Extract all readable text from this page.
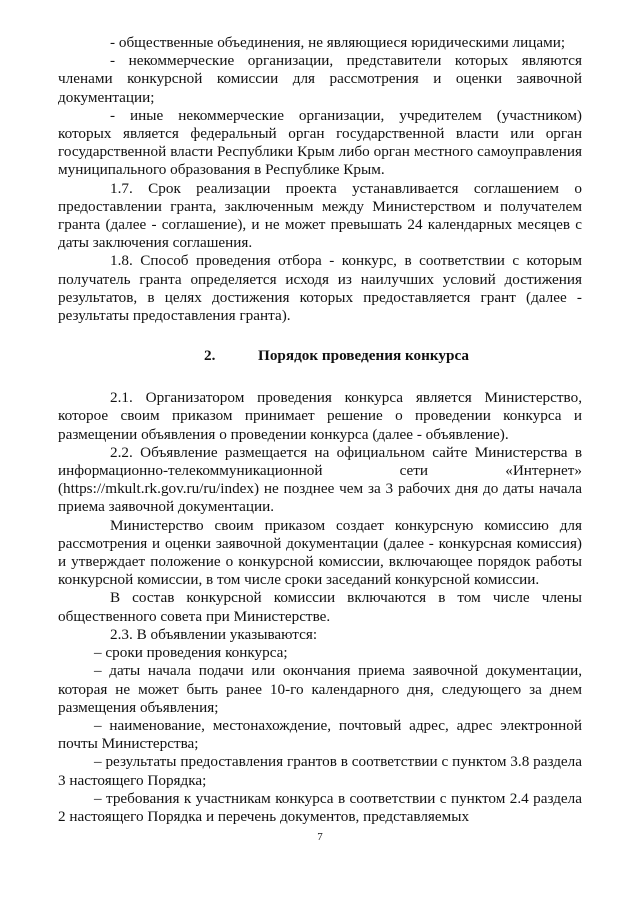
- общественные объединения, не являющиеся юридическими лицами;

- некоммерческие организации, представители которых являются членами конкурсной комиссии для рассмотрения и оценки заявочной документации;

- иные некоммерческие организации, учредителем (участником) которых является федеральный орган государственной власти или орган государственной власти Республики Крым либо орган местного самоуправления муниципального образования в Республике Крым.

1.7. Срок реализации проекта устанавливается соглашением о предоставлении гранта, заключенным между Министерством и получателем гранта (далее - соглашение), и не может превышать 24 календарных месяцев с даты заключения соглашения.

1.8. Способ проведения отбора - конкурс, в соответствии с которым получатель гранта определяется исходя из наилучших условий достижения результатов, в целях достижения которых предоставляется грант (далее - результаты предоставления гранта).

2.	Порядок проведения конкурса

2.1. Организатором проведения конкурса является Министерство, которое своим приказом принимает решение о проведении конкурса и размещении объявления о проведении конкурса (далее - объявление).

2.2. Объявление размещается на официальном сайте Министерства в информационно-телекоммуникационной сети «Интернет» (https://mkult.rk.gov.ru/ru/index) не позднее чем за 3 рабочих дня до даты начала приема заявочной документации.

Министерство своим приказом создает конкурсную комиссию для рассмотрения и оценки заявочной документации (далее - конкурсная комиссия) и утверждает положение о конкурсной комиссии, включающее порядок работы конкурсной комиссии, в том числе сроки заседаний конкурсной комиссии.

В состав конкурсной комиссии включаются в том числе члены общественного совета при Министерстве.

2.3. В объявлении указываются:

– сроки проведения конкурса;

– даты начала подачи или окончания приема заявочной документации, которая не может быть ранее 10-го календарного дня, следующего за днем размещения объявления;

– наименование, местонахождение, почтовый адрес, адрес электронной почты Министерства;

– результаты предоставления грантов в соответствии с пунктом 3.8 раздела 3 настоящего Порядка;

– требования к участникам конкурса в соответствии с пунктом 2.4 раздела 2 настоящего Порядка и перечень документов, представляемых

7
